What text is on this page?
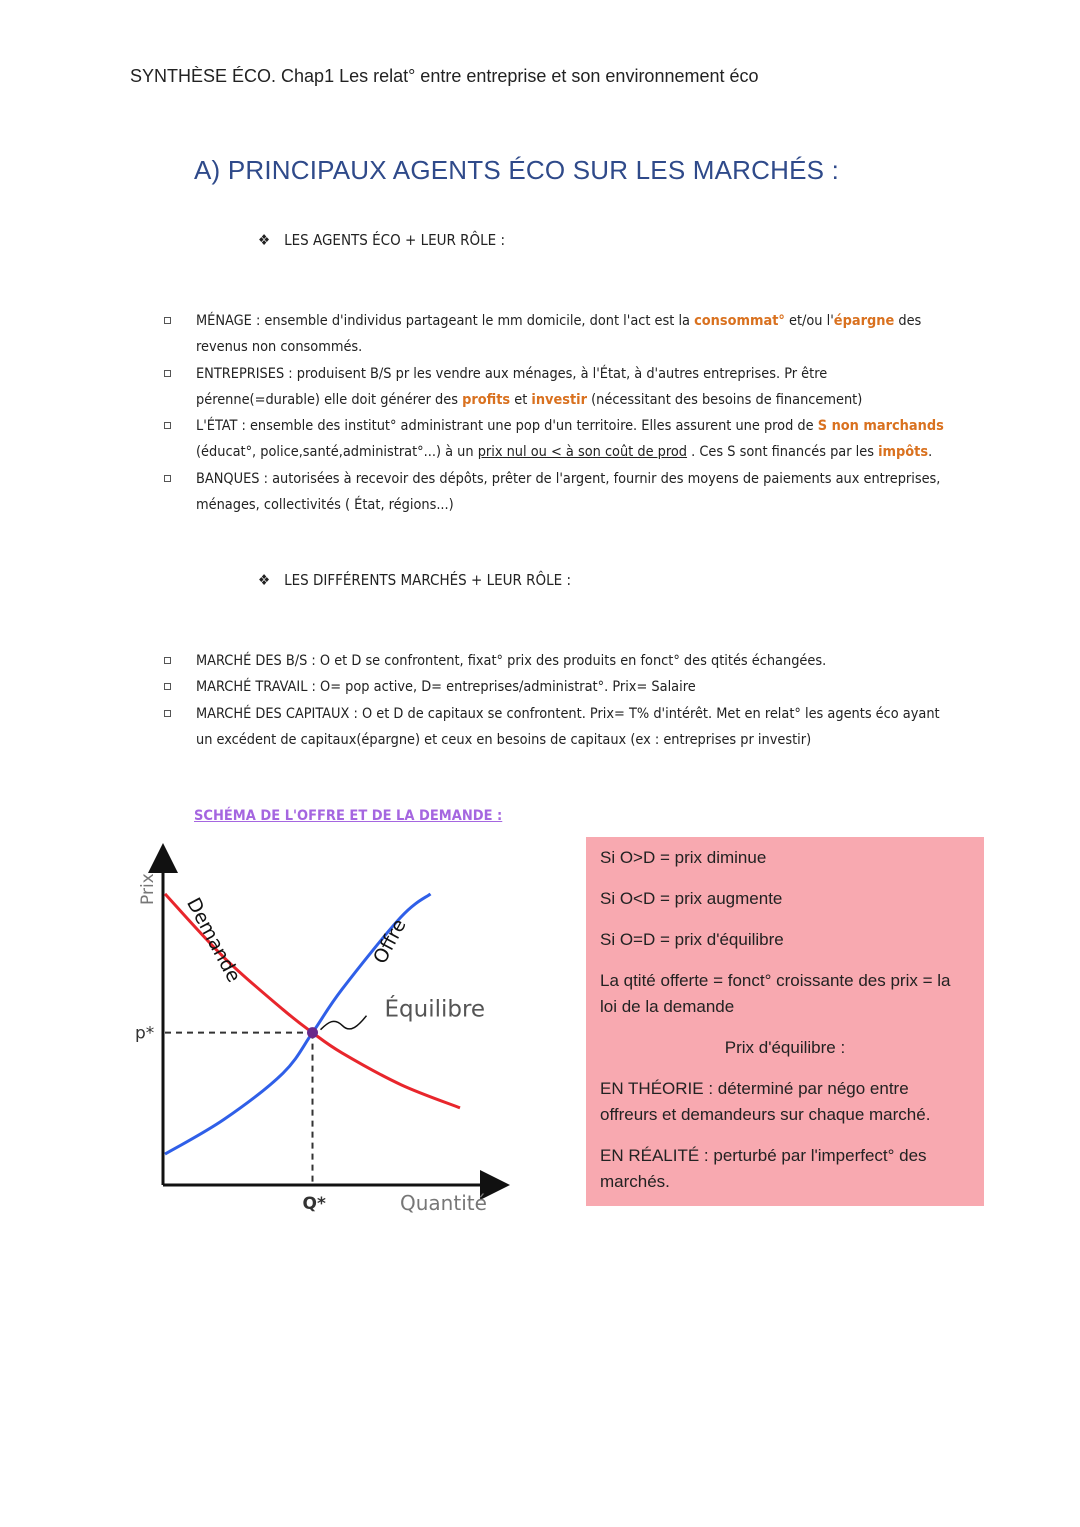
SYNTHÈSE ÉCO. Chap1 Les relat° entre entreprise et son environnement éco
A) PRINCIPAUX AGENTS ÉCO SUR LES MARCHÉS :
❖ LES AGENTS ÉCO + LEUR RÔLE :
MÉNAGE : ensemble d'individus partageant le mm domicile, dont l'act est la consommat° et/ou l'épargne des revenus non consommés.
ENTREPRISES : produisent B/S pr les vendre aux ménages, à l'État, à d'autres entreprises. Pr être pérenne(=durable) elle doit générer des profits et investir (nécessitant des besoins de financement)
L'ÉTAT : ensemble des institut° administrant une pop d'un territoire. Elles assurent une prod de S non marchands (éducat°, police,santé,administrat°...) à un prix nul ou < à son coût de prod . Ces S sont financés par les impôts.
BANQUES : autorisées à recevoir des dépôts, prêter de l'argent, fournir des moyens de paiements aux entreprises, ménages, collectivités ( État, régions...)
❖ LES DIFFÉRENTS MARCHÉS + LEUR RÔLE :
MARCHÉ DES B/S : O et D se confrontent, fixat° prix des produits en fonct° des qtités échangées.
MARCHÉ TRAVAIL : O= pop active, D= entreprises/administrat°. Prix= Salaire
MARCHÉ DES CAPITAUX : O et D de capitaux se confrontent. Prix= T% d'intérêt. Met en relat° les agents éco ayant un excédent de capitaux(épargne) et ceux en besoins de capitaux (ex : entreprises pr investir)
SCHÉMA DE L'OFFRE ET DE LA DEMANDE :
Prix
Quantité
Demande	Offre
Équilibre
Q*
p*

Si O>D = prix diminue

Si O<D = prix augmente

Si O=D = prix d'équilibre

La qtité offerte = fonct° croissante des prix = la loi de la demande

Prix d'équilibre :

EN THÉORIE : déterminé par négo entre offreurs et demandeurs sur chaque marché.

EN RÉALITÉ : perturbé par l'imperfect° des marchés.
